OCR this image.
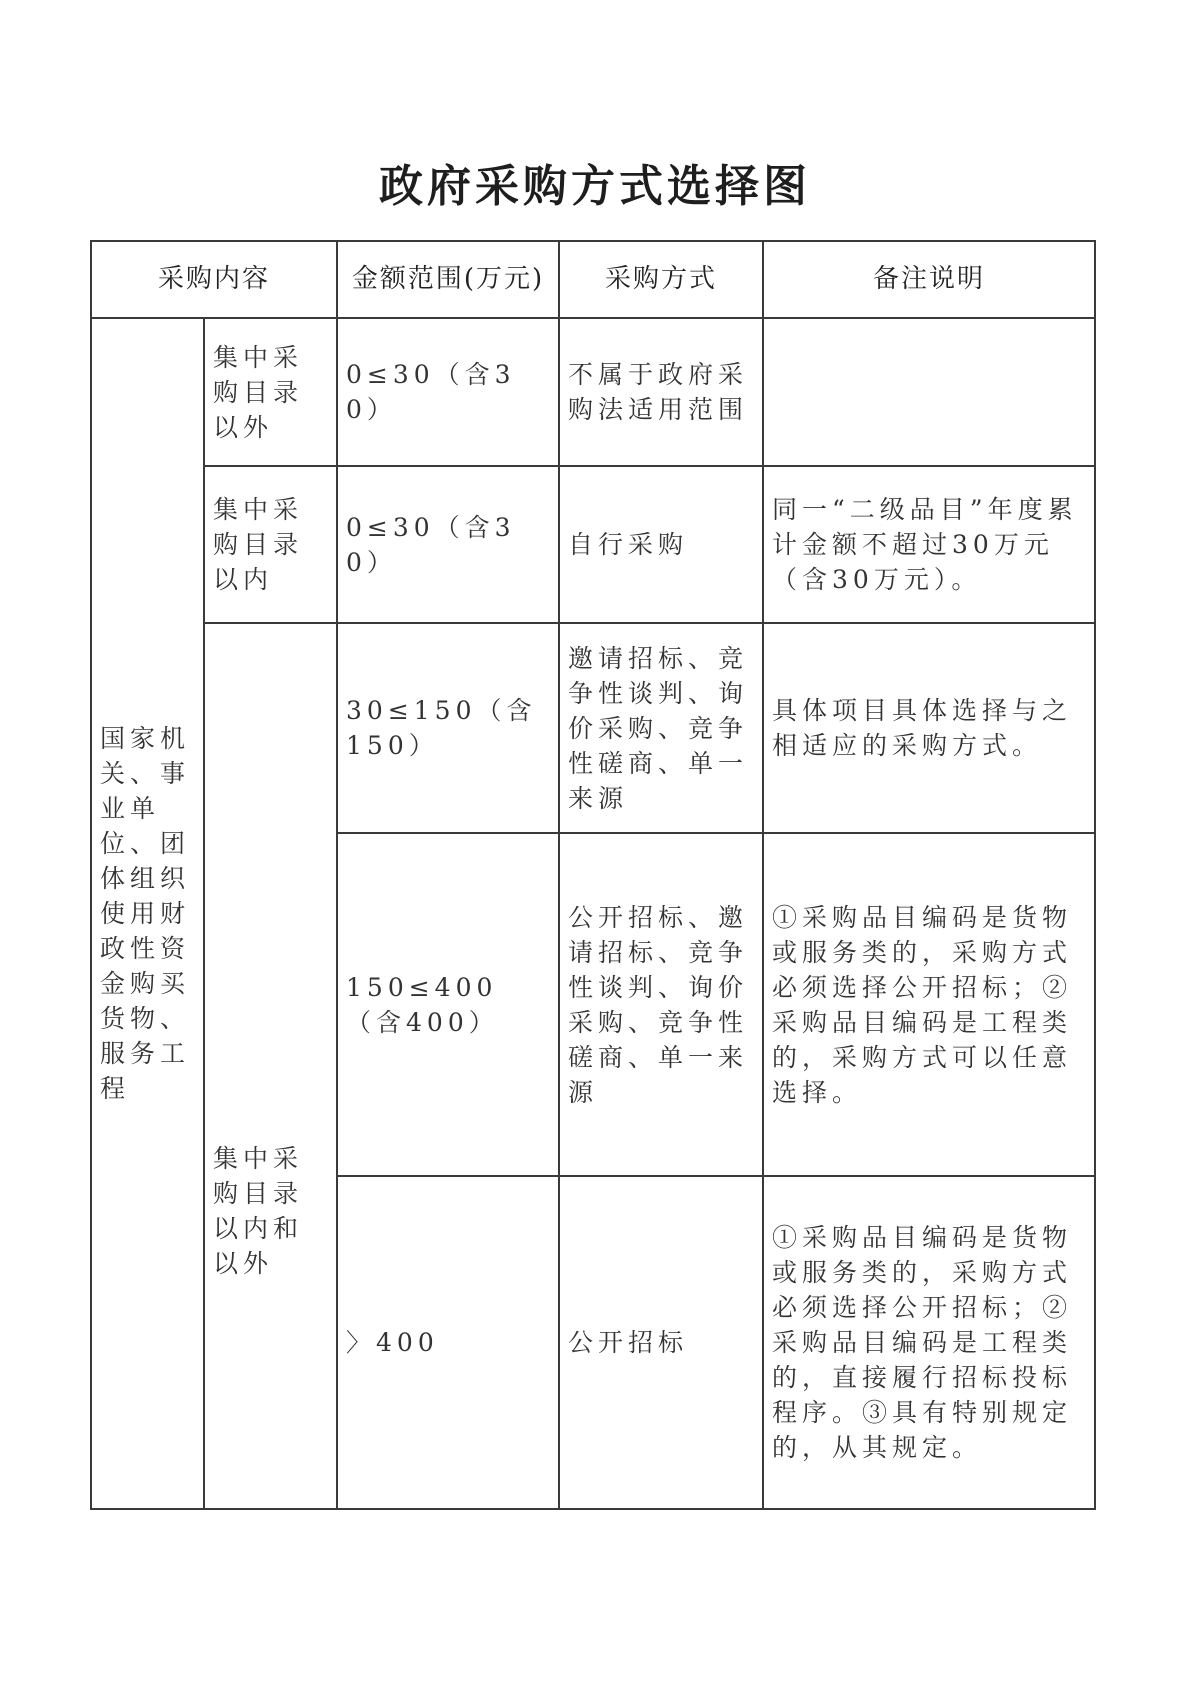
政府采购方式选择图
采购内容		金额范围(万元)	采购方式	备注说明
国家机关、事业单位、团体组织使用财政性资金购买货物、服务工程	集中采购目录以外	0≤30（含30）	不属于政府采购法适用范围	
	集中采购目录以内	0≤30（含30）	自行采购	同一“二级品目”年度累计金额不超过30万元（含30万元）。
	集中采购目录以内和以外	30≤150（含150）	邀请招标、竞争性谈判、询价采购、竞争性磋商、单一来源	具体项目具体选择与之相适应的采购方式。
		150≤400（含400）	公开招标、邀请招标、竞争性谈判、询价采购、竞争性磋商、单一来源	①采购品目编码是货物或服务类的，采购方式必须选择公开招标；②采购品目编码是工程类的，采购方式可以任意选择。
		〉400	公开招标	①采购品目编码是货物或服务类的，采购方式必须选择公开招标；②采购品目编码是工程类的，直接履行招标投标程序。③具有特别规定的，从其规定。
